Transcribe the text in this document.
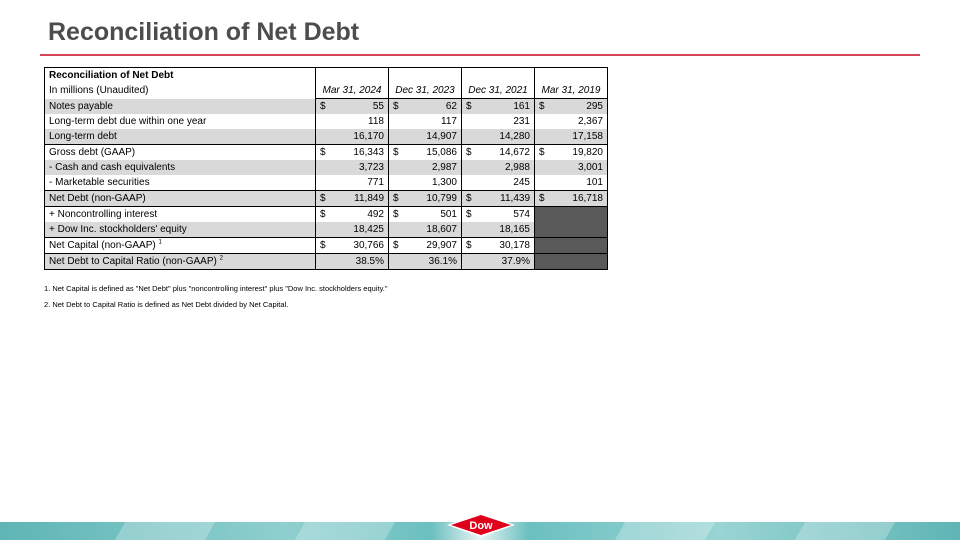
Reconciliation of Net Debt
Reconciliation of Net Debt				
In millions (Unaudited)	Mar 31, 2024	Dec 31, 2023	Dec 31, 2021	Mar 31, 2019
Notes payable	$ 55	$ 62	$ 161	$ 295

Long-term debt due within one year	118	117	231	2,367
Long-term debt	16,170	14,907	14,280	17,158
Gross debt (GAAP)	$ 16,343	$ 15,086	$ 14,672	$ 19,820

- Cash and cash equivalents	3,723	2,987	2,988	3,001
- Marketable securities	771	1,300	245	101
Net Debt (non-GAAP)	$ 11,849	$ 10,799	$ 11,439	$ 16,718

+ Noncontrolling interest	$ 492	$ 501	$ 574	

+ Dow Inc. stockholders' equity	18,425	18,607	18,165	
Net Capital (non-GAAP) $^1$	$ 30,766	$ 29,907	$ 30,178	

Net Debt to Capital Ratio (non-GAAP) $^2$	38.5%	36.1%	37.9%	
1. Net Capital is defined as "Net Debt" plus "noncontrolling interest" plus "Dow Inc. stockholders equity."
2. Net Debt to Capital Ratio is defined as Net Debt divided by Net Capital.
Dow
